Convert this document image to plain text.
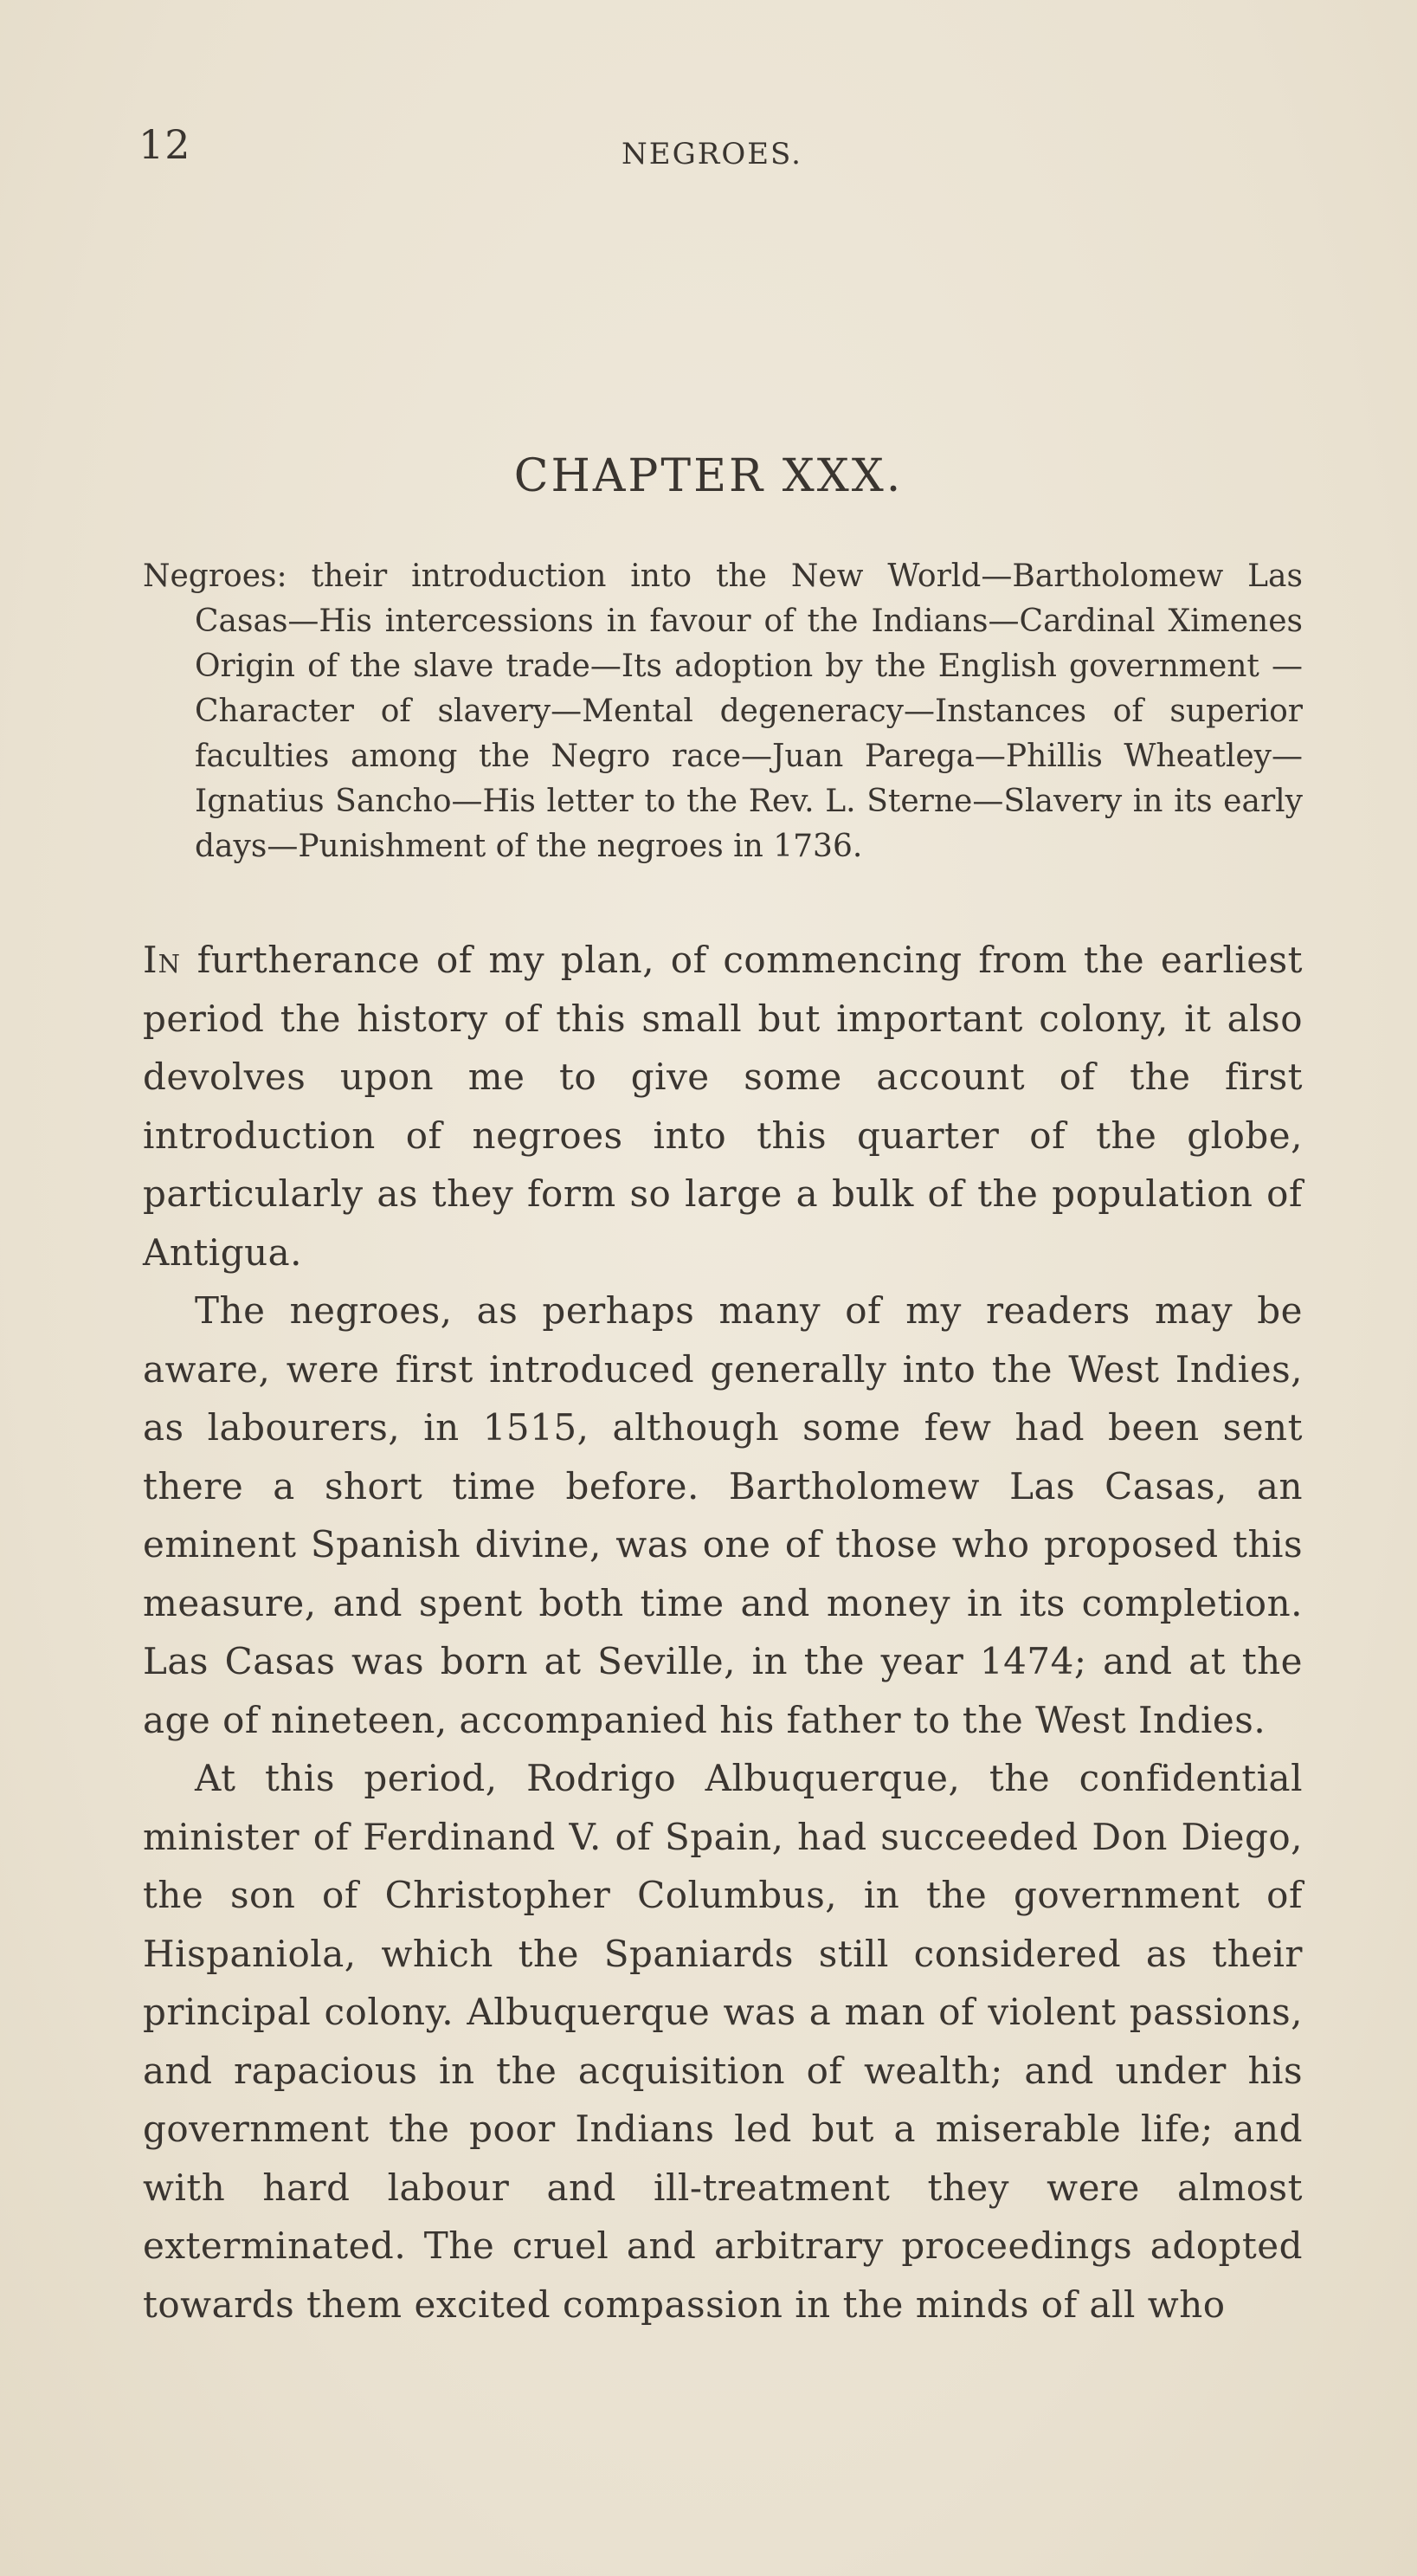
12	NEGROES.
CHAPTER XXX.

Negroes: their introduction into the New World—Bartholomew Las Casas—His intercessions in favour of the Indians—Cardinal Ximenes Origin of the slave trade—Its adoption by the English government —Character of slavery—Mental degeneracy—Instances of superior faculties among the Negro race—Juan Parega—Phillis Wheatley—Ignatius Sancho—His letter to the Rev. L. Sterne—Slavery in its early days—Punishment of the negroes in 1736.

In furtherance of my plan, of commencing from the earliest period the history of this small but important colony, it also devolves upon me to give some account of the first introduction of negroes into this quarter of the globe, particularly as they form so large a bulk of the population of Antigua.

The negroes, as perhaps many of my readers may be aware, were first introduced generally into the West Indies, as labourers, in 1515, although some few had been sent there a short time before. Bartholomew Las Casas, an eminent Spanish divine, was one of those who proposed this measure, and spent both time and money in its completion. Las Casas was born at Seville, in the year 1474; and at the age of nineteen, accompanied his father to the West Indies.

At this period, Rodrigo Albuquerque, the confidential minister of Ferdinand V. of Spain, had succeeded Don Diego, the son of Christopher Columbus, in the government of Hispaniola, which the Spaniards still considered as their principal colony. Albuquerque was a man of violent passions, and rapacious in the acquisition of wealth; and under his government the poor Indians led but a miserable life; and with hard labour and ill-treatment they were almost exterminated. The cruel and arbitrary proceedings adopted towards them excited compassion in the minds of all who
